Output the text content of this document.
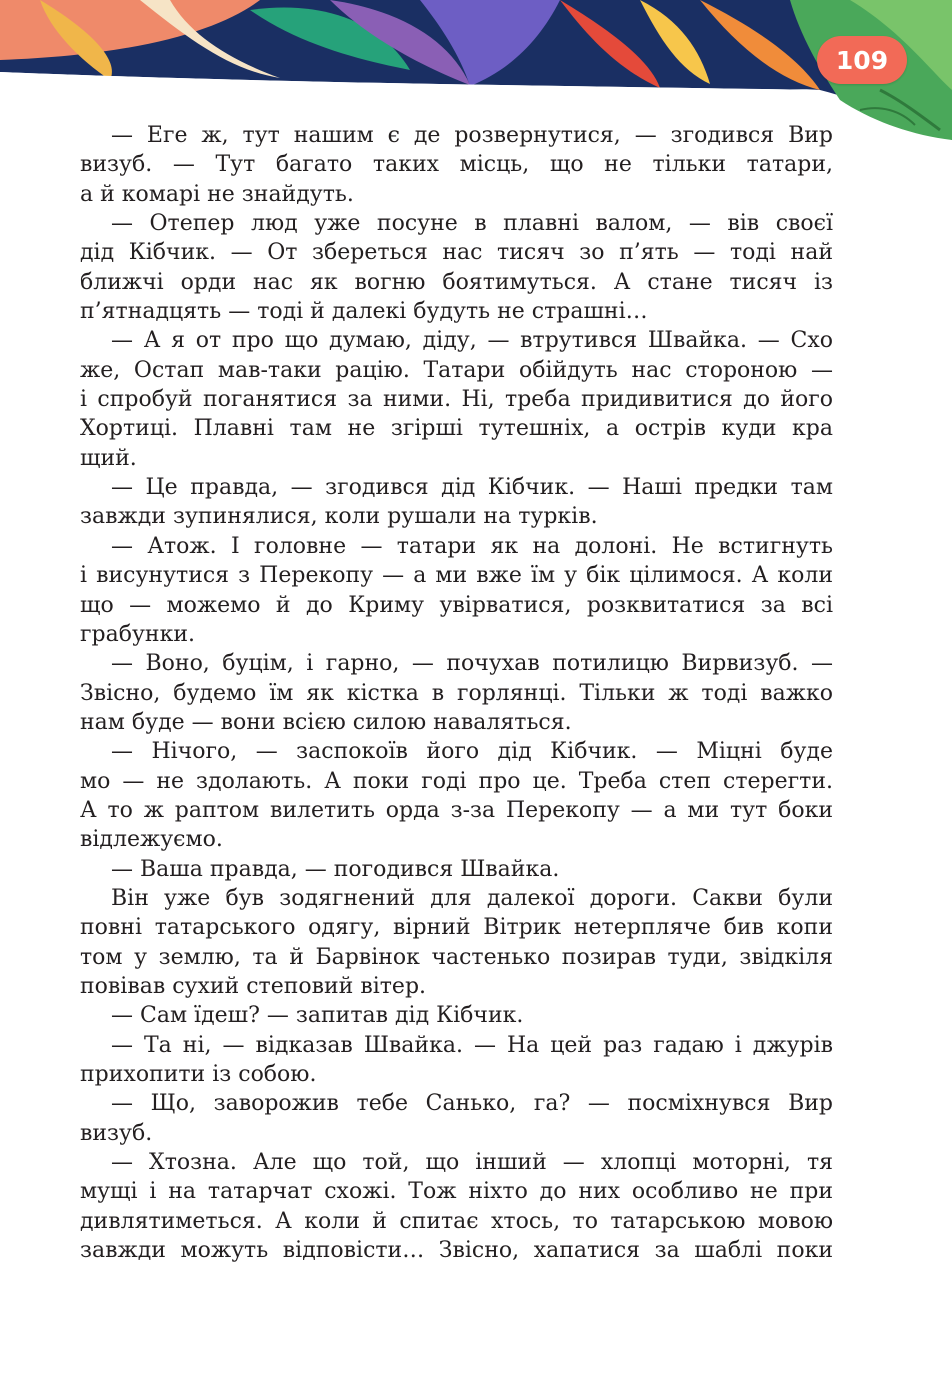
109
— Еге ж, тут нашим є де розвернутися, — згодився Вир
визуб. — Тут багато таких місць, що не тільки татари,
а й комарі не знайдуть.
— Отепер люд уже посуне в плавні валом, — вів своєї
дід Кібчик. — От збереться нас тисяч зо п’ять — тоді най
ближчі орди нас як вогню боятимуться. А стане тисяч із
п’ятнадцять — тоді й далекі будуть не страшні…
— А я от про що думаю, діду, — втрутився Швайка. — Схо
же, Остап мав-таки рацію. Татари обійдуть нас стороною —
і спробуй поганятися за ними. Ні, треба придивитися до його
Хортиці. Плавні там не згірші тутешніх, а острів куди кра
щий.
— Це правда, — згодився дід Кібчик. — Наші предки там
завжди зупинялися, коли рушали на турків.
— Атож. І головне — татари як на долоні. Не встигнуть
і висунутися з Перекопу — а ми вже їм у бік цілимося. А коли
що — можемо й до Криму увірватися, розквитатися за всі
грабунки.
— Воно, буцім, і гарно, — почухав потилицю Вирвизуб. —
Звісно, будемо їм як кістка в горлянці. Тільки ж тоді важко
нам буде — вони всією силою наваляться.
— Нічого, — заспокоїв його дід Кібчик. — Міцні буде
мо — не здолають. А поки годі про це. Треба степ стерегти.
А то ж раптом вилетить орда з-за Перекопу — а ми тут боки
відлежуємо.
— Ваша правда, — погодився Швайка.
Він уже був зодягнений для далекої дороги. Сакви були
повні татарського одягу, вірний Вітрик нетерпляче бив копи
том у землю, та й Барвінок частенько позирав туди, звідкіля
повівав сухий степовий вітер.
— Сам їдеш? — запитав дід Кібчик.
— Та ні, — відказав Швайка. — На цей раз гадаю і джурів
прихопити із собою.
— Що, заворожив тебе Санько, га? — посміхнувся Вир
визуб.
— Хтозна. Але що той, що інший — хлопці моторні, тя
мущі і на татарчат схожі. Тож ніхто до них особливо не при
дивлятиметься. А коли й спитає хтось, то татарською мовою
завжди можуть відповісти… Звісно, хапатися за шаблі поки
